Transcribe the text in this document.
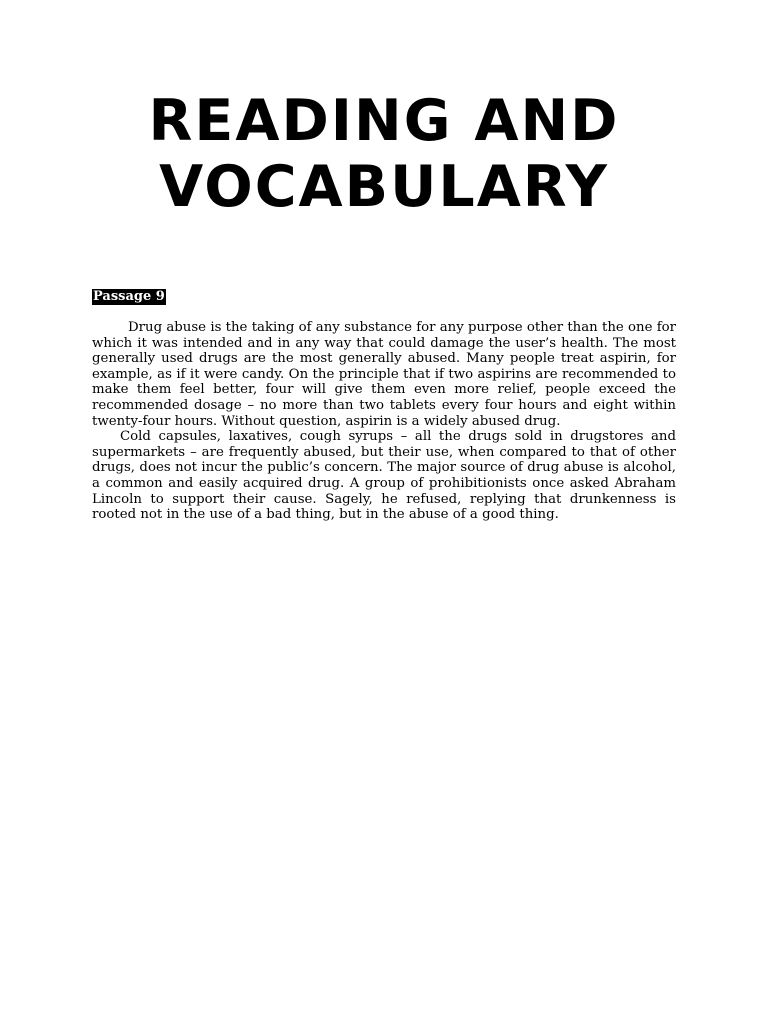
READING AND
VOCABULARY
Passage 9

Drug abuse is the taking of any substance for any purpose other than the one for which it was intended and in any way that could damage the user’s health. The most generally used drugs are the most generally abused. Many people treat aspirin, for example, as if it were candy. On the principle that if two aspirins are recommended to make them feel better, four will give them even more relief, people exceed the recommended dosage – no more than two tablets every four hours and eight within twenty-four hours. Without question, aspirin is a widely abused drug.

Cold capsules, laxatives, cough syrups – all the drugs sold in drugstores and supermarkets – are frequently abused, but their use, when compared to that of other drugs, does not incur the public’s concern. The major source of drug abuse is alcohol, a common and easily acquired drug. A group of prohibitionists once asked Abraham Lincoln to support their cause. Sagely, he refused, replying that drunkenness is rooted not in the use of a bad thing, but in the abuse of a good thing.
